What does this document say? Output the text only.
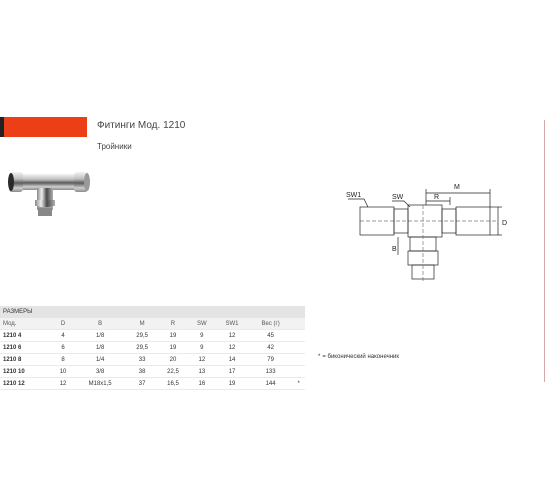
Фитинги Мод. 1210
Тройники
SW1	SW
M
R
D
B
* = биконический наконечник
РАЗМЕРЫ								
Мод.	D	B	M	R	SW	SW1	Вес (г)	
1210 4	4	1/8	29,5	19	9	12	45	
1210 6	6	1/8	29,5	19	9	12	42	
1210 8	8	1/4	33	20	12	14	79	
1210 10	10	3/8	38	22,5	13	17	133	
1210 12	12	M18x1,5	37	16,5	16	19	144	*
